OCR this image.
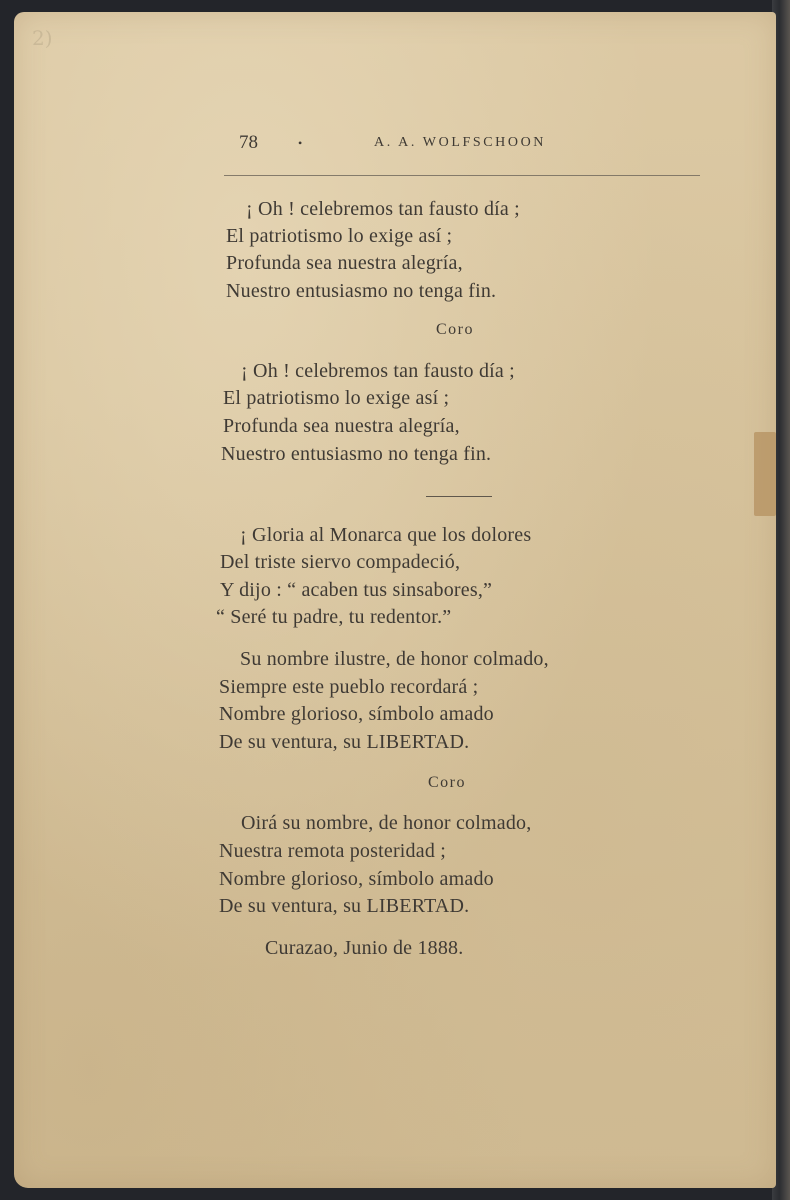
2)
78	•	A. A. WOLFSCHOON
¡ Oh ! celebremos tan fausto día ;
El patriotismo lo exige así ;
Profunda sea nuestra alegría,
Nuestro entusiasmo no tenga fin.
Coro
¡ Oh ! celebremos tan fausto día ;
El patriotismo lo exige así ;
Profunda sea nuestra alegría,
Nuestro entusiasmo no tenga fin.
¡ Gloria al Monarca que los dolores
Del triste siervo compadeció,
Y dijo : “ acaben tus sinsabores,”
“ Seré tu padre, tu redentor.”
Su nombre ilustre, de honor colmado,
Siempre este pueblo recordará ;
Nombre glorioso, símbolo amado
De su ventura, su LIBERTAD.
Coro
Oirá su nombre, de honor colmado,
Nuestra remota posteridad ;
Nombre glorioso, símbolo amado
De su ventura, su LIBERTAD.
Curazao, Junio de 1888.
